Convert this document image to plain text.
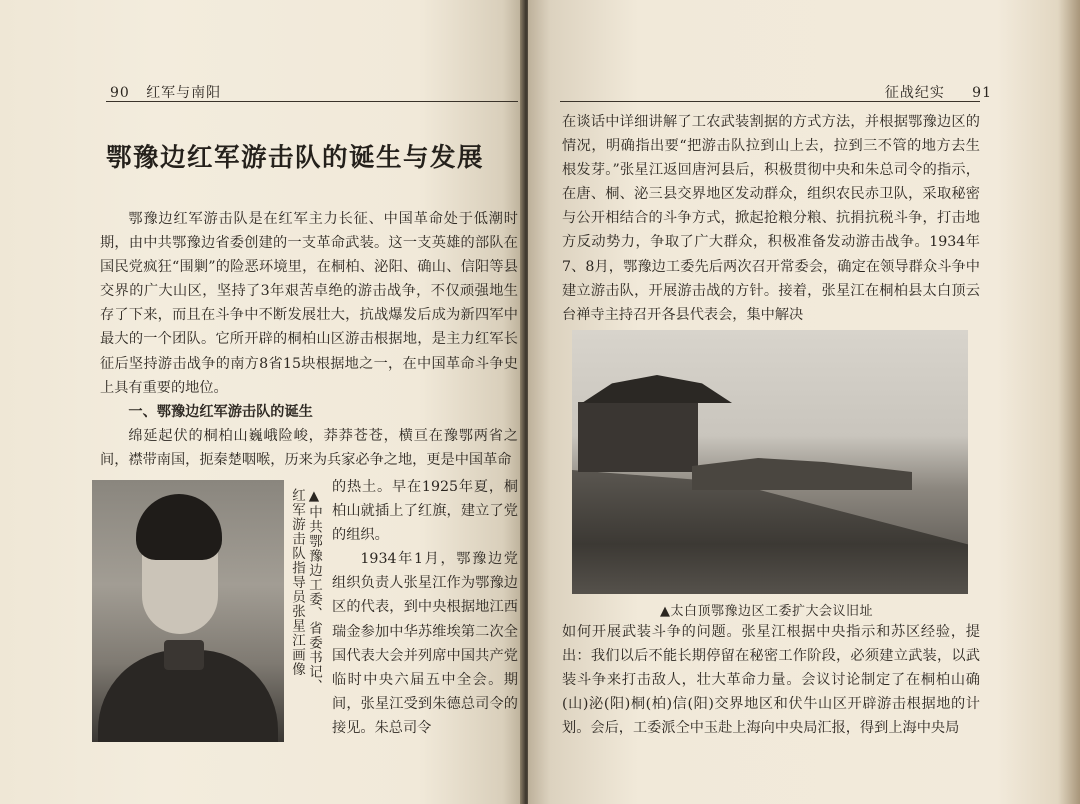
90 红军与南阳
鄂豫边红军游击队的诞生与发展

鄂豫边红军游击队是在红军主力长征、中国革命处于低潮时期，由中共鄂豫边省委创建的一支革命武装。这一支英雄的部队在国民党疯狂“围剿”的险恶环境里，在桐柏、泌阳、确山、信阳等县交界的广大山区，坚持了3年艰苦卓绝的游击战争，不仅顽强地生存了下来，而且在斗争中不断发展壮大，抗战爆发后成为新四军中最大的一个团队。它所开辟的桐柏山区游击根据地，是主力红军长征后坚持游击战争的南方8省15块根据地之一，在中国革命斗争史上具有重要的地位。

一、鄂豫边红军游击队的诞生

绵延起伏的桐柏山巍峨险峻，莽莽苍苍，横亘在豫鄂两省之间，襟带南国，扼秦楚咽喉，历来为兵家必争之地，更是中国革命

▲中共鄂豫边工委、省委书记、
红军游击队指导员张星江画像

的热土。早在1925年夏，桐柏山就插上了红旗，建立了党的组织。

1934年1月，鄂豫边党组织负责人张星江作为鄂豫边区的代表，到中央根据地江西瑞金参加中华苏维埃第二次全国代表大会并列席中国共产党临时中央六届五中全会。期间，张星江受到朱德总司令的接见。朱总司令

征战纪实 91

在谈话中详细讲解了工农武装割据的方式方法，并根据鄂豫边区的情况，明确指出要“把游击队拉到山上去，拉到三不管的地方去生根发芽。”张星江返回唐河县后，积极贯彻中央和朱总司令的指示，在唐、桐、泌三县交界地区发动群众，组织农民赤卫队，采取秘密与公开相结合的斗争方式，掀起抢粮分粮、抗捐抗税斗争，打击地方反动势力，争取了广大群众，积极准备发动游击战争。1934年7、8月，鄂豫边工委先后两次召开常委会，确定在领导群众斗争中建立游击队，开展游击战的方针。接着，张星江在桐柏县太白顶云台禅寺主持召开各县代表会，集中解决

▲太白顶鄂豫边区工委扩大会议旧址

如何开展武装斗争的问题。张星江根据中央指示和苏区经验，提出：我们以后不能长期停留在秘密工作阶段，必须建立武装，以武装斗争来打击敌人，壮大革命力量。会议讨论制定了在桐柏山确(山)泌(阳)桐(柏)信(阳)交界地区和伏牛山区开辟游击根据地的计划。会后，工委派仝中玉赴上海向中央局汇报，得到上海中央局
